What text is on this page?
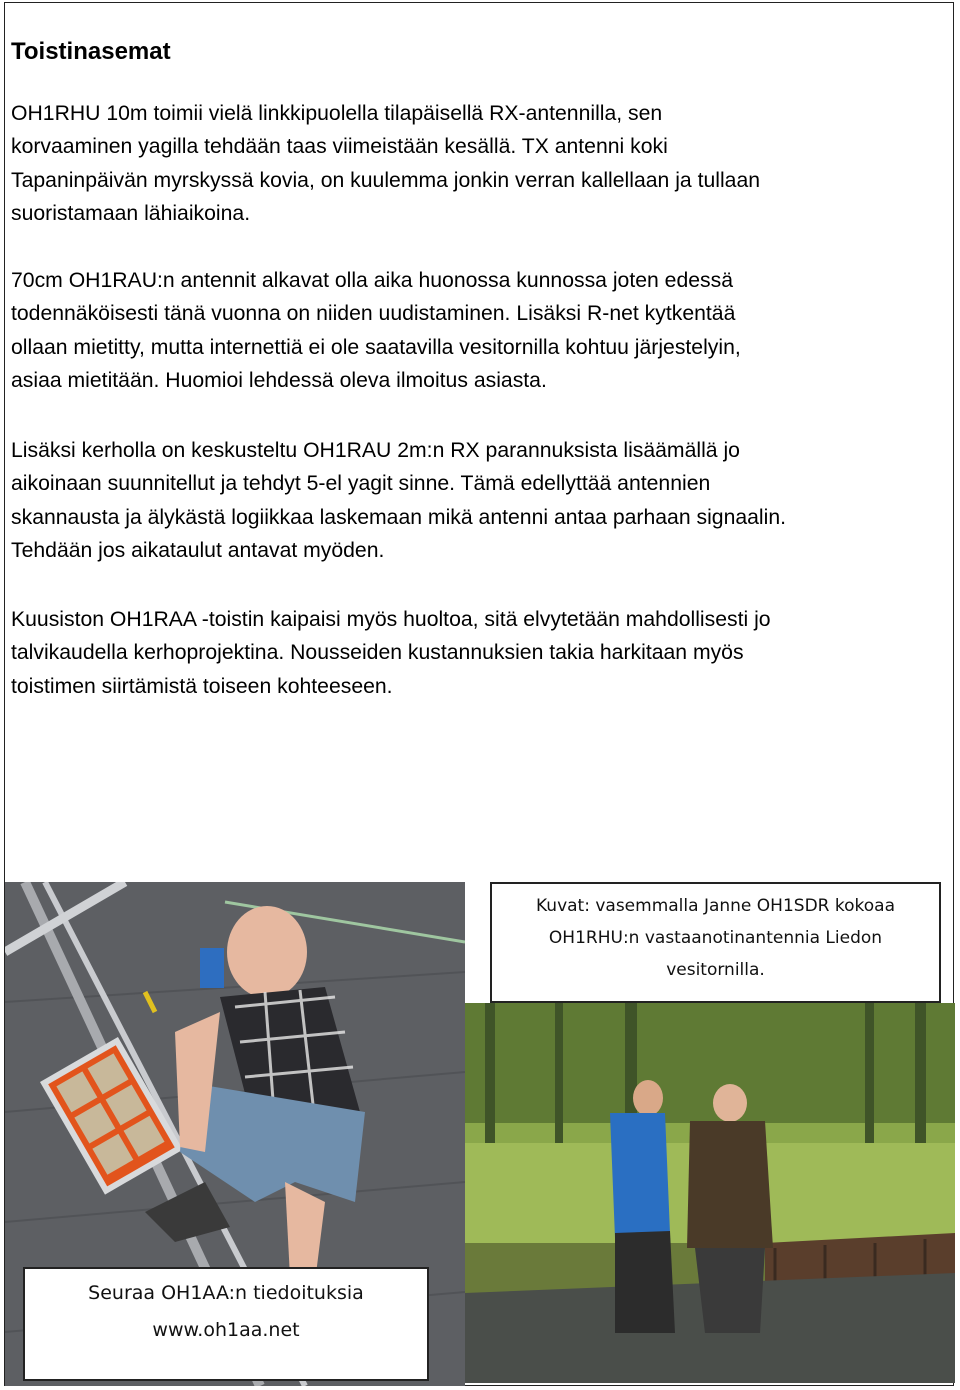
Toistinasemat

OH1RHU 10m toimii vielä linkkipuolella tilapäisellä RX-antennilla, sen
korvaaminen yagilla tehdään taas viimeistään kesällä. TX antenni koki
Tapaninpäivän myrskyssä kovia, on kuulemma jonkin verran kallellaan ja tullaan
suoristamaan lähiaikoina.

70cm OH1RAU:n antennit alkavat olla aika huonossa kunnossa joten edessä
todennäköisesti tänä vuonna on niiden uudistaminen. Lisäksi R-net kytkentää
ollaan mietitty, mutta internettiä ei ole saatavilla vesitornilla kohtuu järjestelyin,
asiaa mietitään. Huomioi lehdessä oleva ilmoitus asiasta.

Lisäksi kerholla on keskusteltu OH1RAU 2m:n RX parannuksista lisäämällä jo
aikoinaan suunnitellut ja tehdyt 5-el yagit sinne. Tämä edellyttää antennien
skannausta ja älykästä logiikkaa laskemaan mikä antenni antaa parhaan signaalin.
Tehdään jos aikataulut antavat myöden.

Kuusiston OH1RAA -toistin kaipaisi myös huoltoa, sitä elvytetään mahdollisesti jo
talvikaudella kerhoprojektina. Nousseiden kustannuksien takia harkitaan myös
toistimen siirtämistä toiseen kohteeseen.

Kuvat: vasemmalla Janne OH1SDR kokoaa
OH1RHU:n vastaanotinantennia Liedon
vesitornilla.
Seuraa OH1AA:n tiedoituksia
www.oh1aa.net
